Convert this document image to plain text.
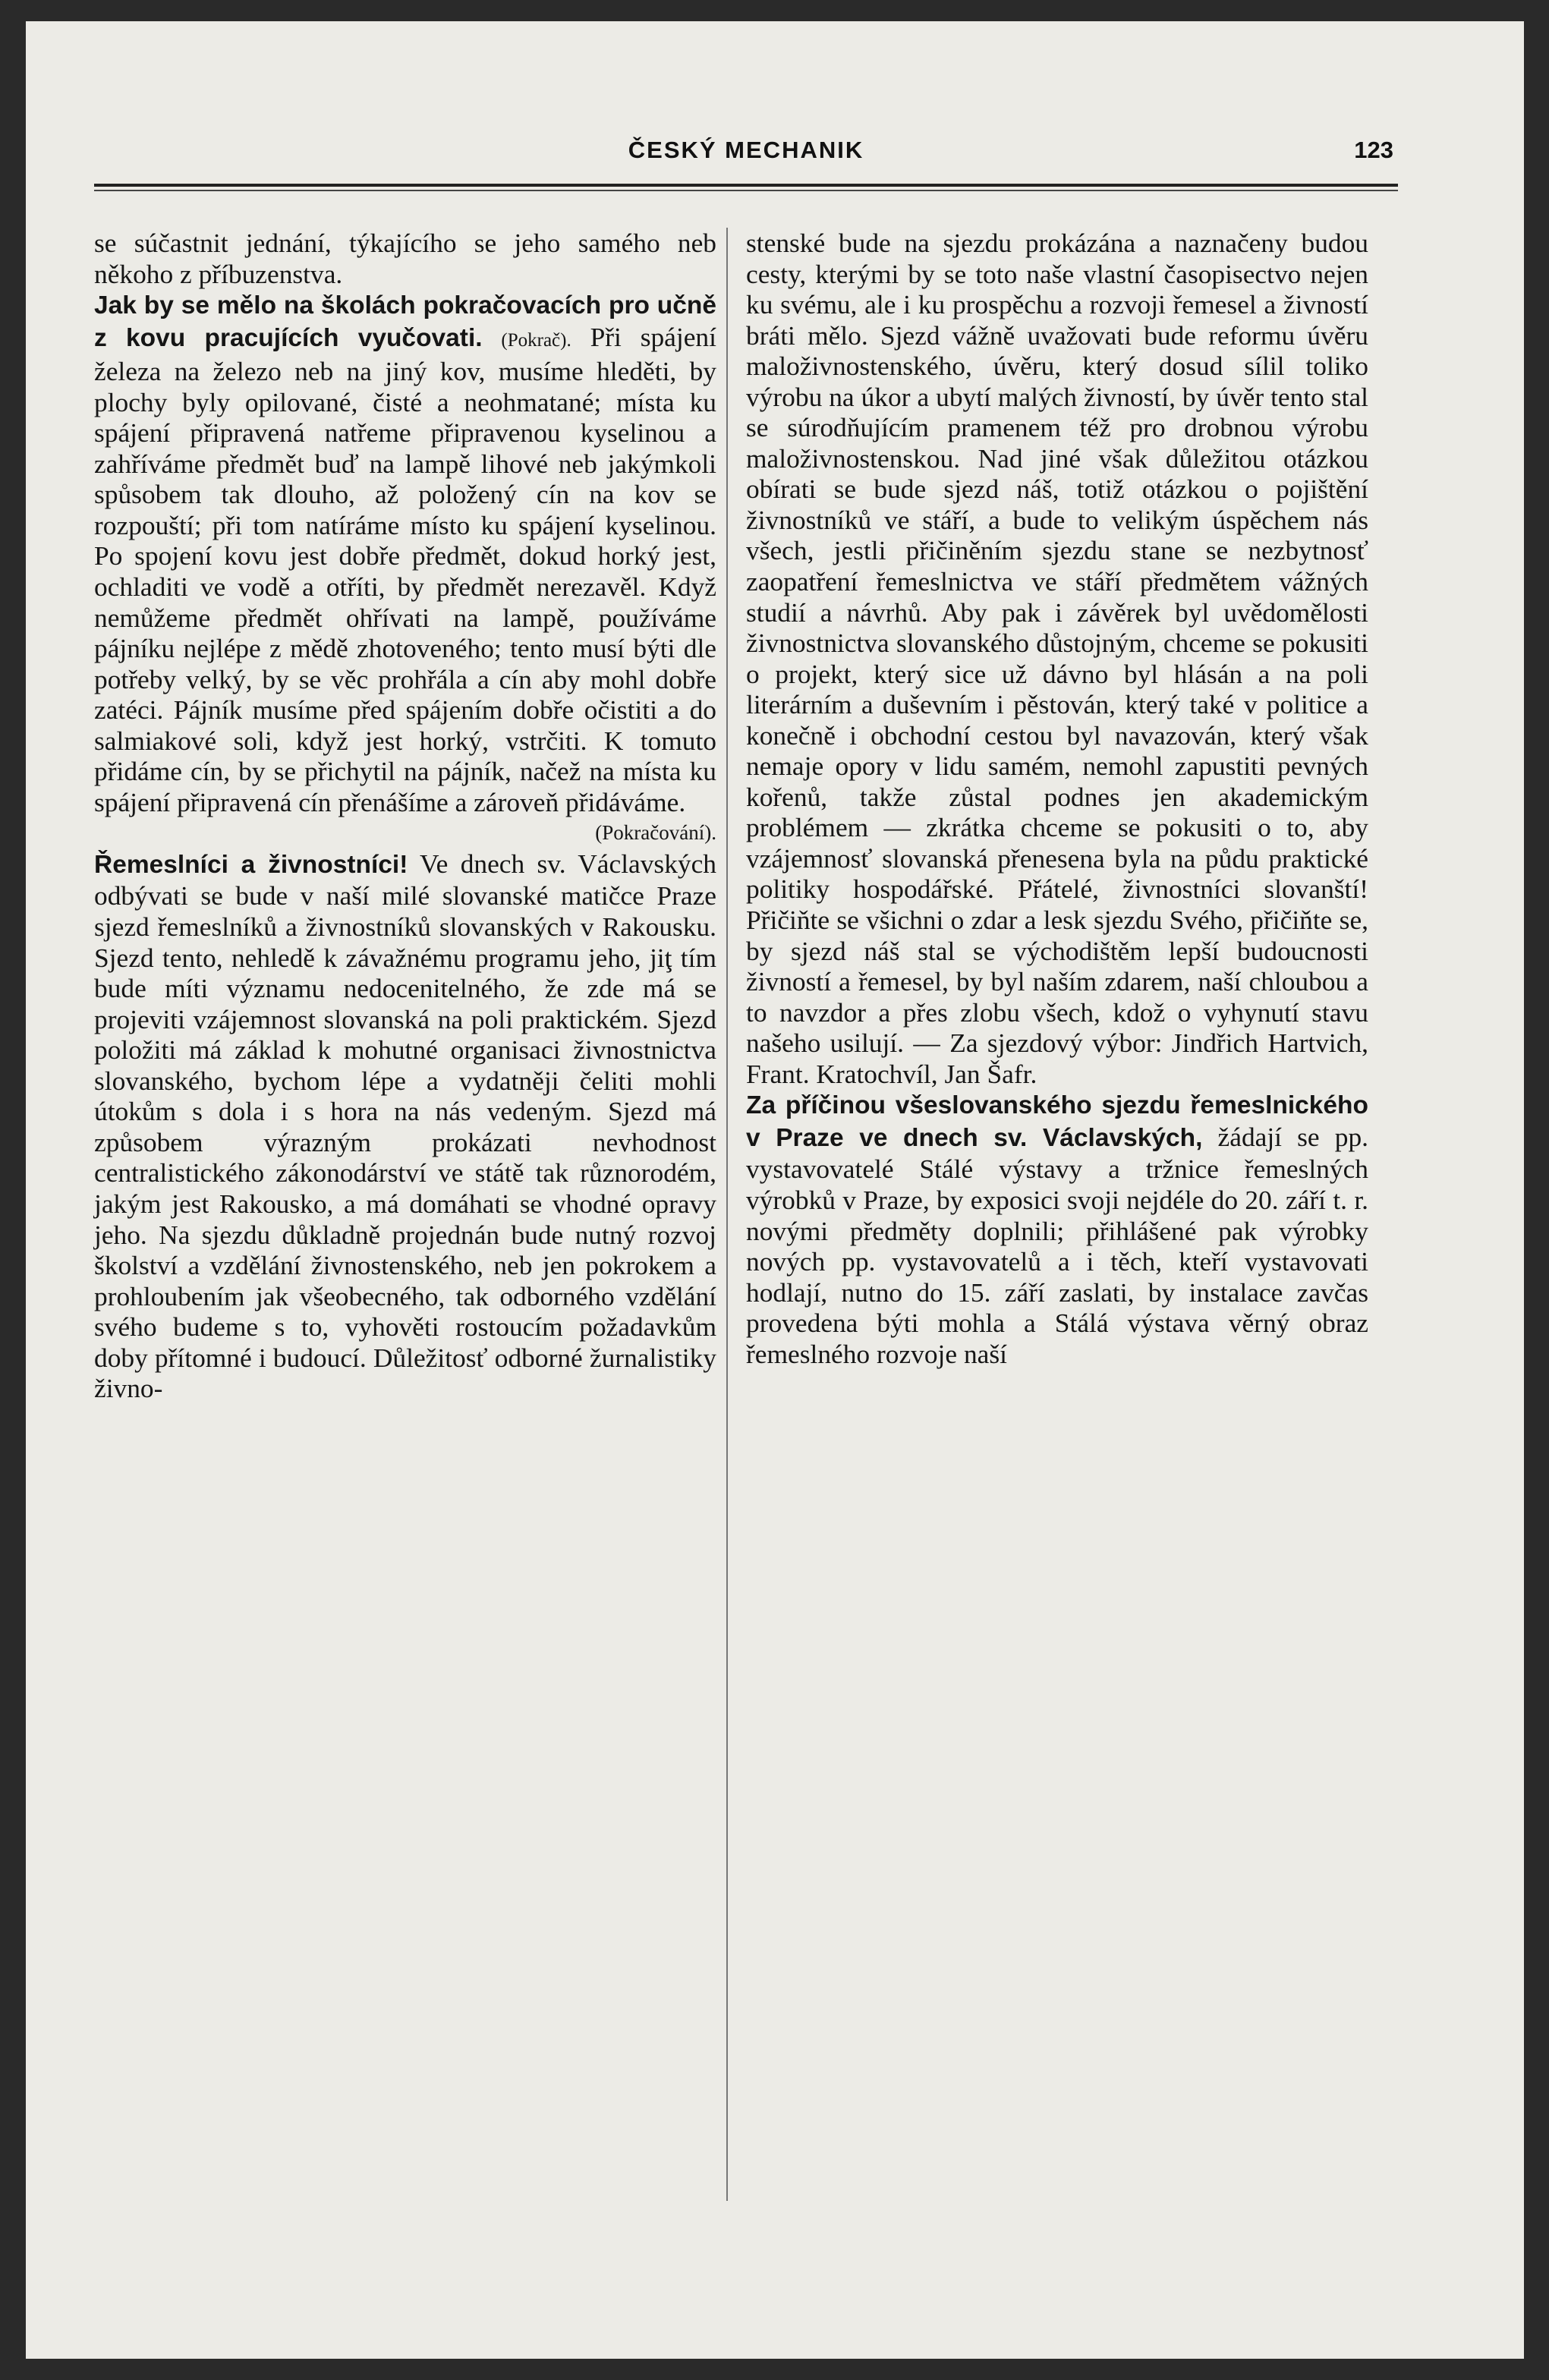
ČESKÝ MECHANIK	123

se súčastnit jednání, týkajícího se jeho samého neb někoho z příbuzenstva.

Jak by se mělo na školách pokračovacích pro učně z kovu pracujících vyučovati. (Pokrač). Při spájení železa na železo neb na jiný kov, musíme hleděti, by plochy byly opilované, čisté a neohmatané; místa ku spájení připravená natřeme připravenou kyselinou a zahříváme předmět buď na lampě lihové neb jakýmkoli spůsobem tak dlouho, až položený cín na kov se rozpouští; při tom natíráme místo ku spájení kyselinou. Po spojení kovu jest dobře předmět, dokud horký jest, ochladiti ve vodě a otříti, by předmět nerezavěl. Když nemůžeme předmět ohřívati na lampě, používáme pájníku nejlépe z mědě zhotoveného; tento musí býti dle potřeby velký, by se věc prohřála a cín aby mohl dobře zatéci. Pájník musíme před spájením dobře očistiti a do salmiakové soli, když jest horký, vstrčiti. K tomuto přidáme cín, by se přichytil na pájník, načež na místa ku spájení připravená cín přenášíme a zároveň přidáváme.
(Pokračování).

Řemeslníci a živnostníci! Ve dnech sv. Václavských odbývati se bude v naší milé slovanské matičce Praze sjezd řemeslníků a živnostníků slovanských v Rakousku. Sjezd tento, nehledě k závažnému programu jeho, jiţ tím bude míti významu nedocenitelného, že zde má se projeviti vzájemnost slovanská na poli praktickém. Sjezd položiti má základ k mohutné organisaci živnostnictva slovanského, bychom lépe a vydatněji čeliti mohli útokům s dola i s hora na nás vedeným. Sjezd má způsobem výrazným prokázati nevhodnost centralistického zákonodárství ve státě tak různorodém, jakým jest Rakousko, a má domáhati se vhodné opravy jeho. Na sjezdu důkladně projednán bude nutný rozvoj školství a vzdělání živnostenského, neb jen pokrokem a prohloubením jak všeobecného, tak odborného vzdělání svého budeme s to, vyhověti rostoucím požadavkům doby přítomné i budoucí. Důležitosť odborné žurnalistiky živno-

stenské bude na sjezdu prokázána a naznačeny budou cesty, kterými by se toto naše vlastní časopisectvo nejen ku svému, ale i ku prospěchu a rozvoji řemesel a živností bráti mělo. Sjezd vážně uvažovati bude reformu úvěru maloživnostenského, úvěru, který dosud sílil toliko výrobu na úkor a ubytí malých živností, by úvěr tento stal se súrodňujícím pramenem též pro drobnou výrobu maloživnostenskou. Nad jiné však důležitou otázkou obírati se bude sjezd náš, totiž otázkou o pojištění živnostníků ve stáří, a bude to velikým úspěchem nás všech, jestli přičiněním sjezdu stane se nezbytnosť zaopatření řemeslnictva ve stáří předmětem vážných studií a návrhů. Aby pak i závěrek byl uvědomělosti živnostnictva slovanského důstojným, chceme se pokusiti o projekt, který sice už dávno byl hlásán a na poli literárním a duševním i pěstován, který také v politice a konečně i obchodní cestou byl navazován, který však nemaje opory v lidu samém, nemohl zapustiti pevných kořenů, takže zůstal podnes jen akademickým problémem — zkrátka chceme se pokusiti o to, aby vzájemnosť slovanská přenesena byla na půdu praktické politiky hospodářské. Přátelé, živnostníci slovanští! Přičiňte se všichni o zdar a lesk sjezdu Svého, přičiňte se, by sjezd náš stal se východištěm lepší budoucnosti živností a řemesel, by byl naším zdarem, naší chloubou a to navzdor a přes zlobu všech, kdož o vyhynutí stavu našeho usilují. — Za sjezdový výbor: Jindřich Hartvich, Frant. Kratochvíl, Jan Šafr.

Za příčinou všeslovanského sjezdu řemeslnického v Praze ve dnech sv. Václavských, žádají se pp. vystavovatelé Stálé výstavy a tržnice řemeslných výrobků v Praze, by exposici svoji nejdéle do 20. září t. r. novými předměty doplnili; přihlášené pak výrobky nových pp. vystavovatelů a i těch, kteří vystavovati hodlají, nutno do 15. září zaslati, by instalace zavčas provedena býti mohla a Stálá výstava věrný obraz řemeslného rozvoje naší
